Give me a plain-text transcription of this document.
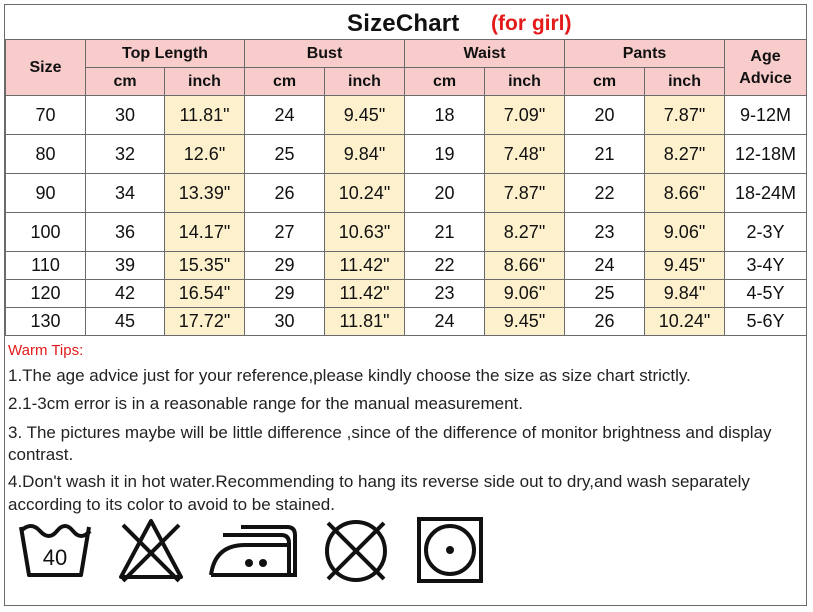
SizeChart (for girl)
Size	Top Length		Bust		Waist		Pants		Age
Advice
	cm	inch	cm	inch	cm	inch	cm	inch	
70	30	11.81"	24	9.45"	18	7.09"	20	7.87"	9-12M
80	32	12.6"	25	9.84"	19	7.48"	21	8.27"	12-18M
90	34	13.39"	26	10.24"	20	7.87"	22	8.66"	18-24M
100	36	14.17"	27	10.63"	21	8.27"	23	9.06"	2-3Y
110	39	15.35"	29	11.42"	22	8.66"	24	9.45"	3-4Y
120	42	16.54"	29	11.42"	23	9.06"	25	9.84"	4-5Y
130	45	17.72"	30	11.81"	24	9.45"	26	10.24"	5-6Y
Warm Tips:
1.The age advice just for your reference,please kindly choose the size as size chart strictly.
2.1-3cm error is in a reasonable range for the manual measurement.
3. The pictures maybe will be little difference ,since of the difference of monitor brightness and display
contrast.
4.Don't wash it in hot water.Recommending to hang its reverse side out to dry,and wash separately
according to its color to avoid to be stained.
40
